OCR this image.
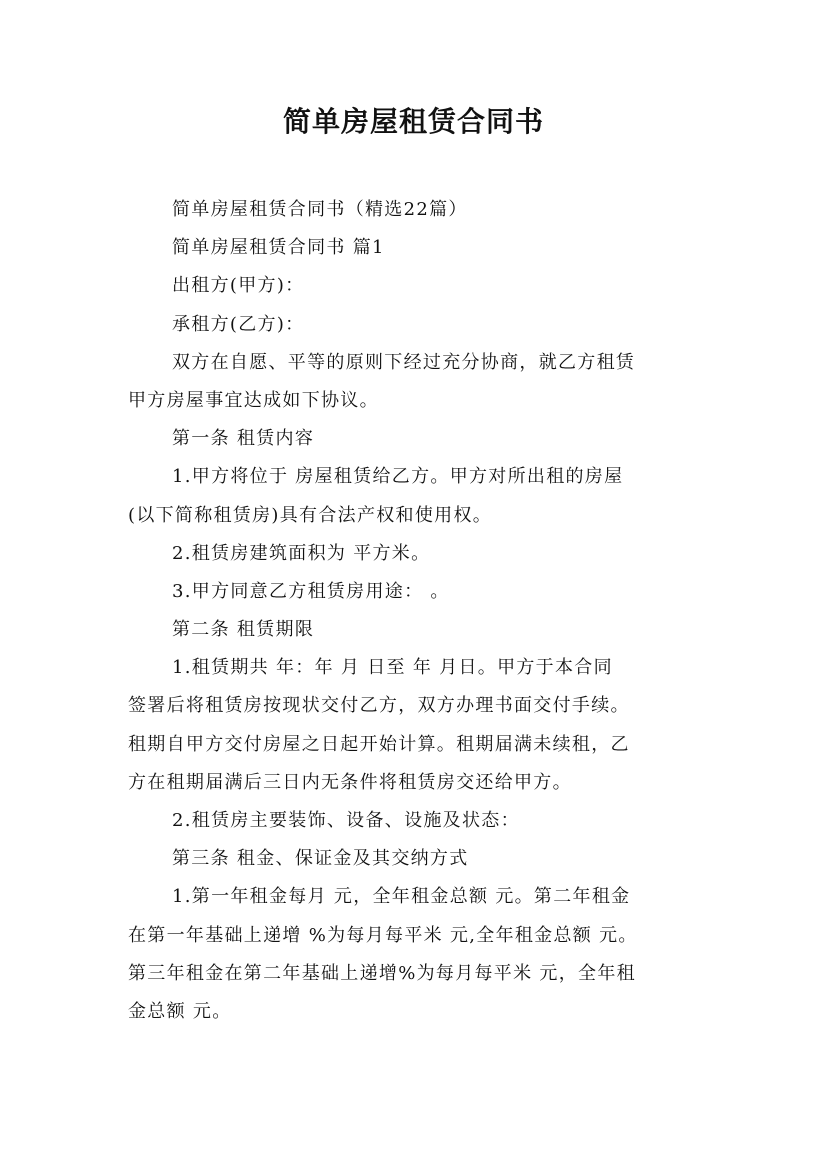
简单房屋租赁合同书
简单房屋租赁合同书（精选22篇）
简单房屋租赁合同书 篇1
出租方(甲方)：
承租方(乙方)：
双方在自愿、平等的原则下经过充分协商，就乙方租赁
甲方房屋事宜达成如下协议。
第一条 租赁内容
1.甲方将位于 房屋租赁给乙方。甲方对所出租的房屋
(以下简称租赁房)具有合法产权和使用权。
2.租赁房建筑面积为 平方米。
3.甲方同意乙方租赁房用途： 。
第二条 租赁期限
1.租赁期共 年：年 月 日至 年 月日。甲方于本合同
签署后将租赁房按现状交付乙方，双方办理书面交付手续。
租期自甲方交付房屋之日起开始计算。租期届满未续租，乙
方在租期届满后三日内无条件将租赁房交还给甲方。
2.租赁房主要装饰、设备、设施及状态：
第三条 租金、保证金及其交纳方式
1.第一年租金每月 元，全年租金总额 元。第二年租金
在第一年基础上递增 %为每月每平米 元,全年租金总额 元。
第三年租金在第二年基础上递增%为每月每平米 元，全年租
金总额 元。
